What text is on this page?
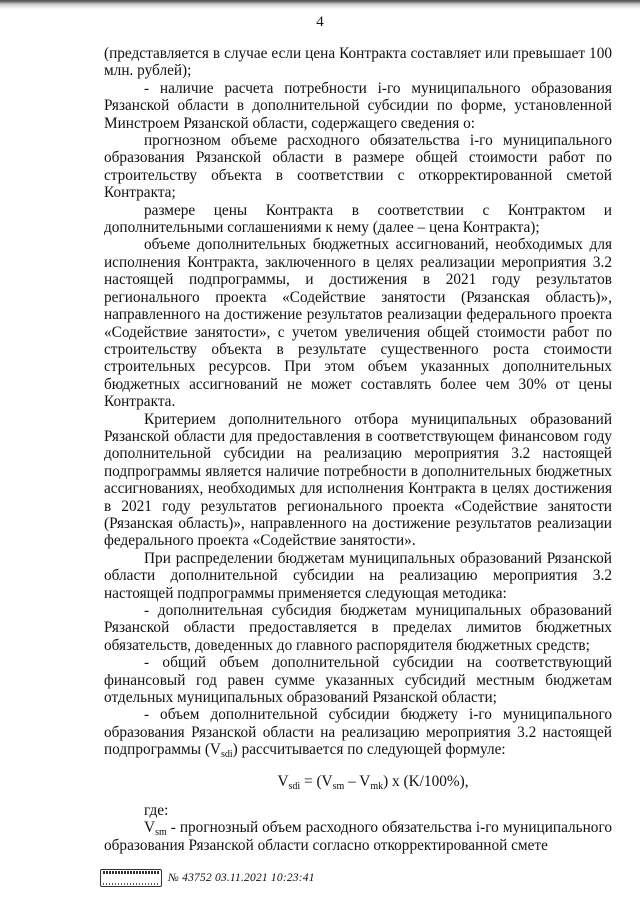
4

(представляется в случае если цена Контракта составляет или превышает 100 млн. рублей);

- наличие расчета потребности i-го муниципального образования Рязанской области в дополнительной субсидии по форме, установленной Минстроем Рязанской области, содержащего сведения о:

прогнозном объеме расходного обязательства i-го муниципального образования Рязанской области в размере общей стоимости работ по строительству объекта в соответствии с откорректированной сметой Контракта;

размере цены Контракта в соответствии с Контрактом и дополнительными соглашениями к нему (далее – цена Контракта);

объеме дополнительных бюджетных ассигнований, необходимых для исполнения Контракта, заключенного в целях реализации мероприятия 3.2 настоящей подпрограммы, и достижения в 2021 году результатов регионального проекта «Содействие занятости (Рязанская область)», направленного на достижение результатов реализации федерального проекта «Содействие занятости», с учетом увеличения общей стоимости работ по строительству объекта в результате существенного роста стоимости строительных ресурсов. При этом объем указанных дополнительных бюджетных ассигнований не может составлять более чем 30% от цены Контракта.

Критерием дополнительного отбора муниципальных образований Рязанской области для предоставления в соответствующем финансовом году дополнительной субсидии на реализацию мероприятия 3.2 настоящей подпрограммы является наличие потребности в дополнительных бюджетных ассигнованиях, необходимых для исполнения Контракта в целях достижения в 2021 году результатов регионального проекта «Содействие занятости (Рязанская область)», направленного на достижение результатов реализации федерального проекта «Содействие занятости».

При распределении бюджетам муниципальных образований Рязанской области дополнительной субсидии на реализацию мероприятия 3.2 настоящей подпрограммы применяется следующая методика:

- дополнительная субсидия бюджетам муниципальных образований Рязанской области предоставляется в пределах лимитов бюджетных обязательств, доведенных до главного распорядителя бюджетных средств;

- общий объем дополнительной субсидии на соответствующий финансовый год равен сумме указанных субсидий местным бюджетам отдельных муниципальных образований Рязанской области;

- объем дополнительной субсидии бюджету i-го муниципального образования Рязанской области на реализацию мероприятия 3.2 настоящей подпрограммы $(V_{sdi})$ рассчитывается по следующей формуле:

$V_{sdi} = (V_{sm} - V_{mk})$ x (K/100%),

где:

$V_{sm}$ - прогнозный объем расходного обязательства i-го муниципального образования Рязанской области согласно откорректированной смете

№ 43752 03.11.2021 10:23:41
